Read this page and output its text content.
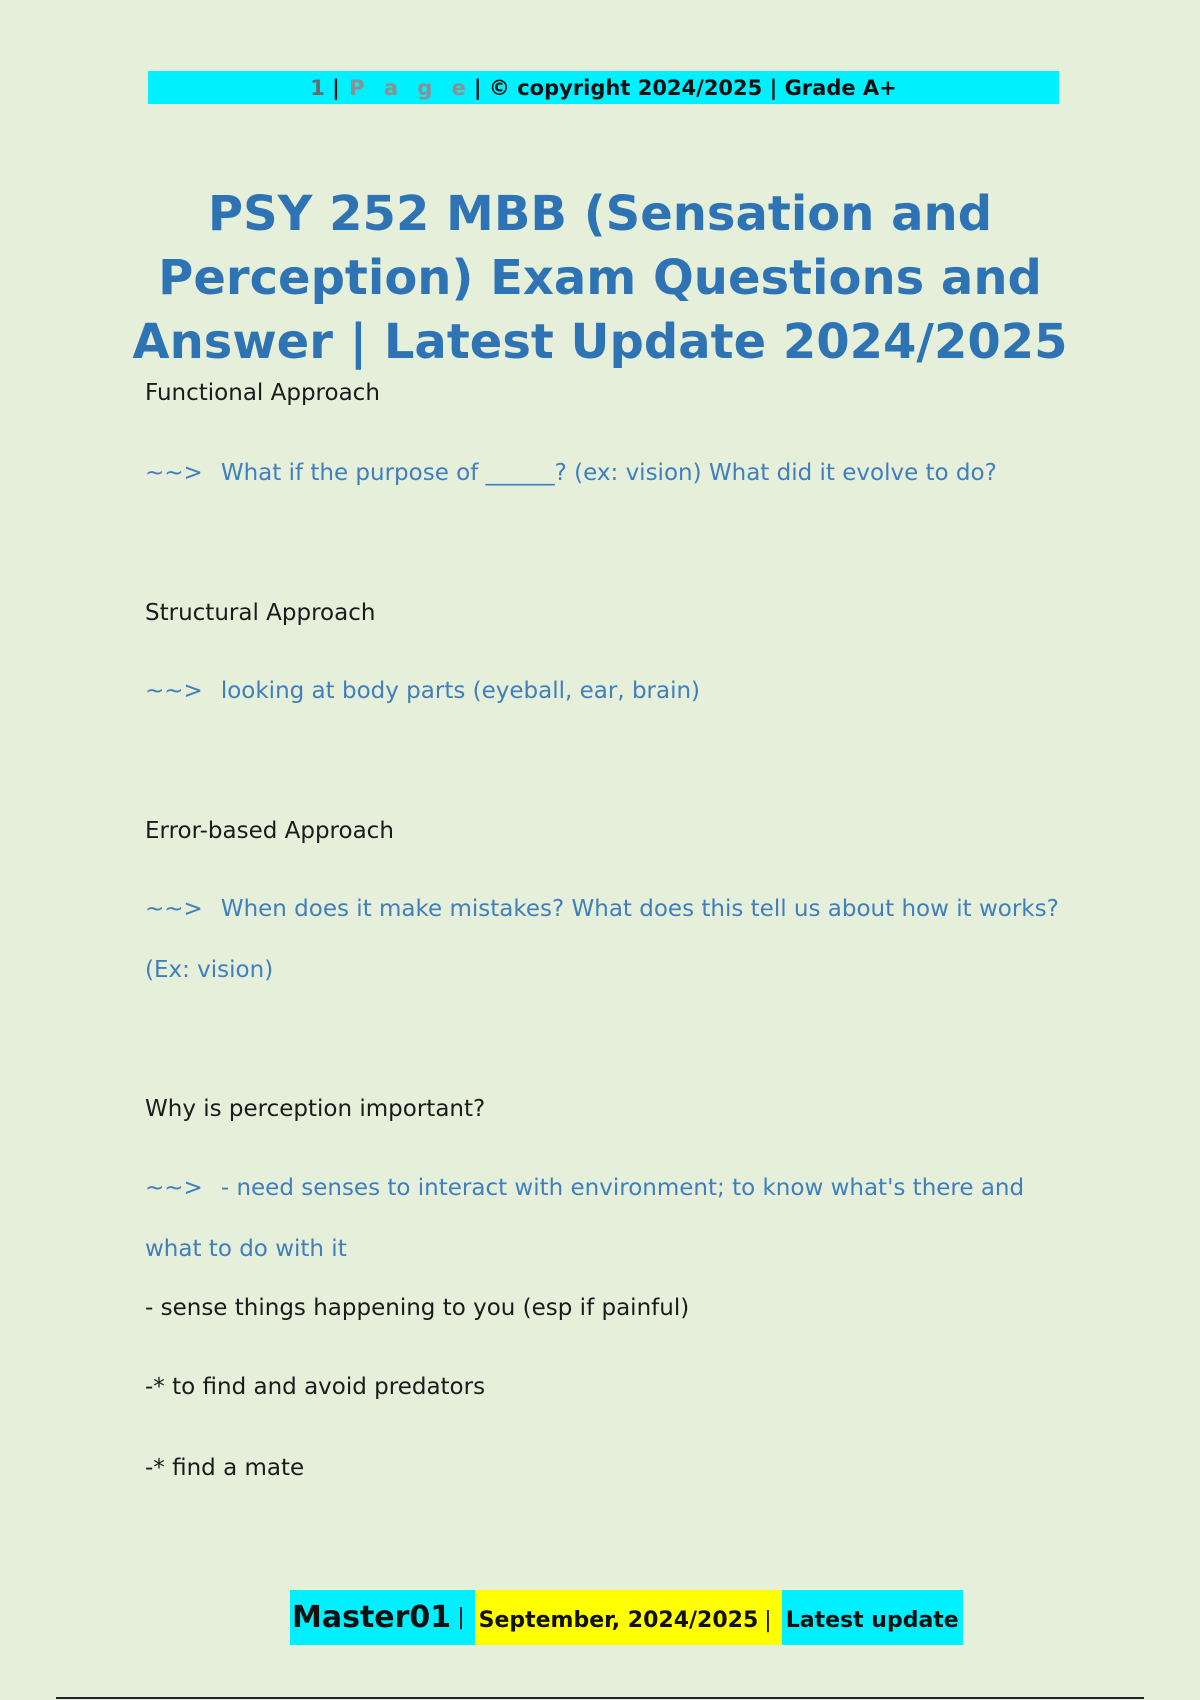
1 | P a g e | © copyright 2024/2025 | Grade A+
PSY 252 MBB (Sensation and Perception) Exam Questions and Answer | Latest Update 2024/2025

Functional Approach

~~> What if the purpose of ______? (ex: vision) What did it evolve to do?

Structural Approach

~~> looking at body parts (eyeball, ear, brain)

Error-based Approach

~~> When does it make mistakes? What does this tell us about how it works?

(Ex: vision)

Why is perception important?

~~> - need senses to interact with environment; to know what's there and

what to do with it

- sense things happening to you (esp if painful)

-* to find and avoid predators

-* find a mate

Master01 | September, 2024/2025 | Latest update
